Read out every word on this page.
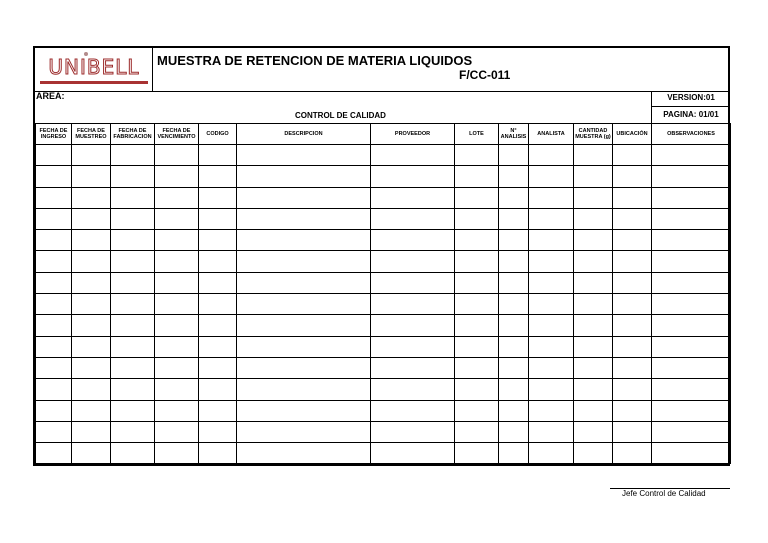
UNIBELL MUESTRA DE RETENCION DE MATERIA LIQUIDOS
F/CC-011
AREA:
CONTROL DE CALIDAD
VERSION:01
PAGINA: 01/01
FECHA DE INGRESO	FECHA DE MUESTREO	FECHA DE FABRICACION	FECHA DE VENCIMIENTO	CODIGO	DESCRIPCION	PROVEEDOR	LOTE	N° ANALISIS	ANALISTA	CANTIDAD MUESTRA (g)	UBICACIÓN	OBSERVACIONES

Jefe Control de Calidad
